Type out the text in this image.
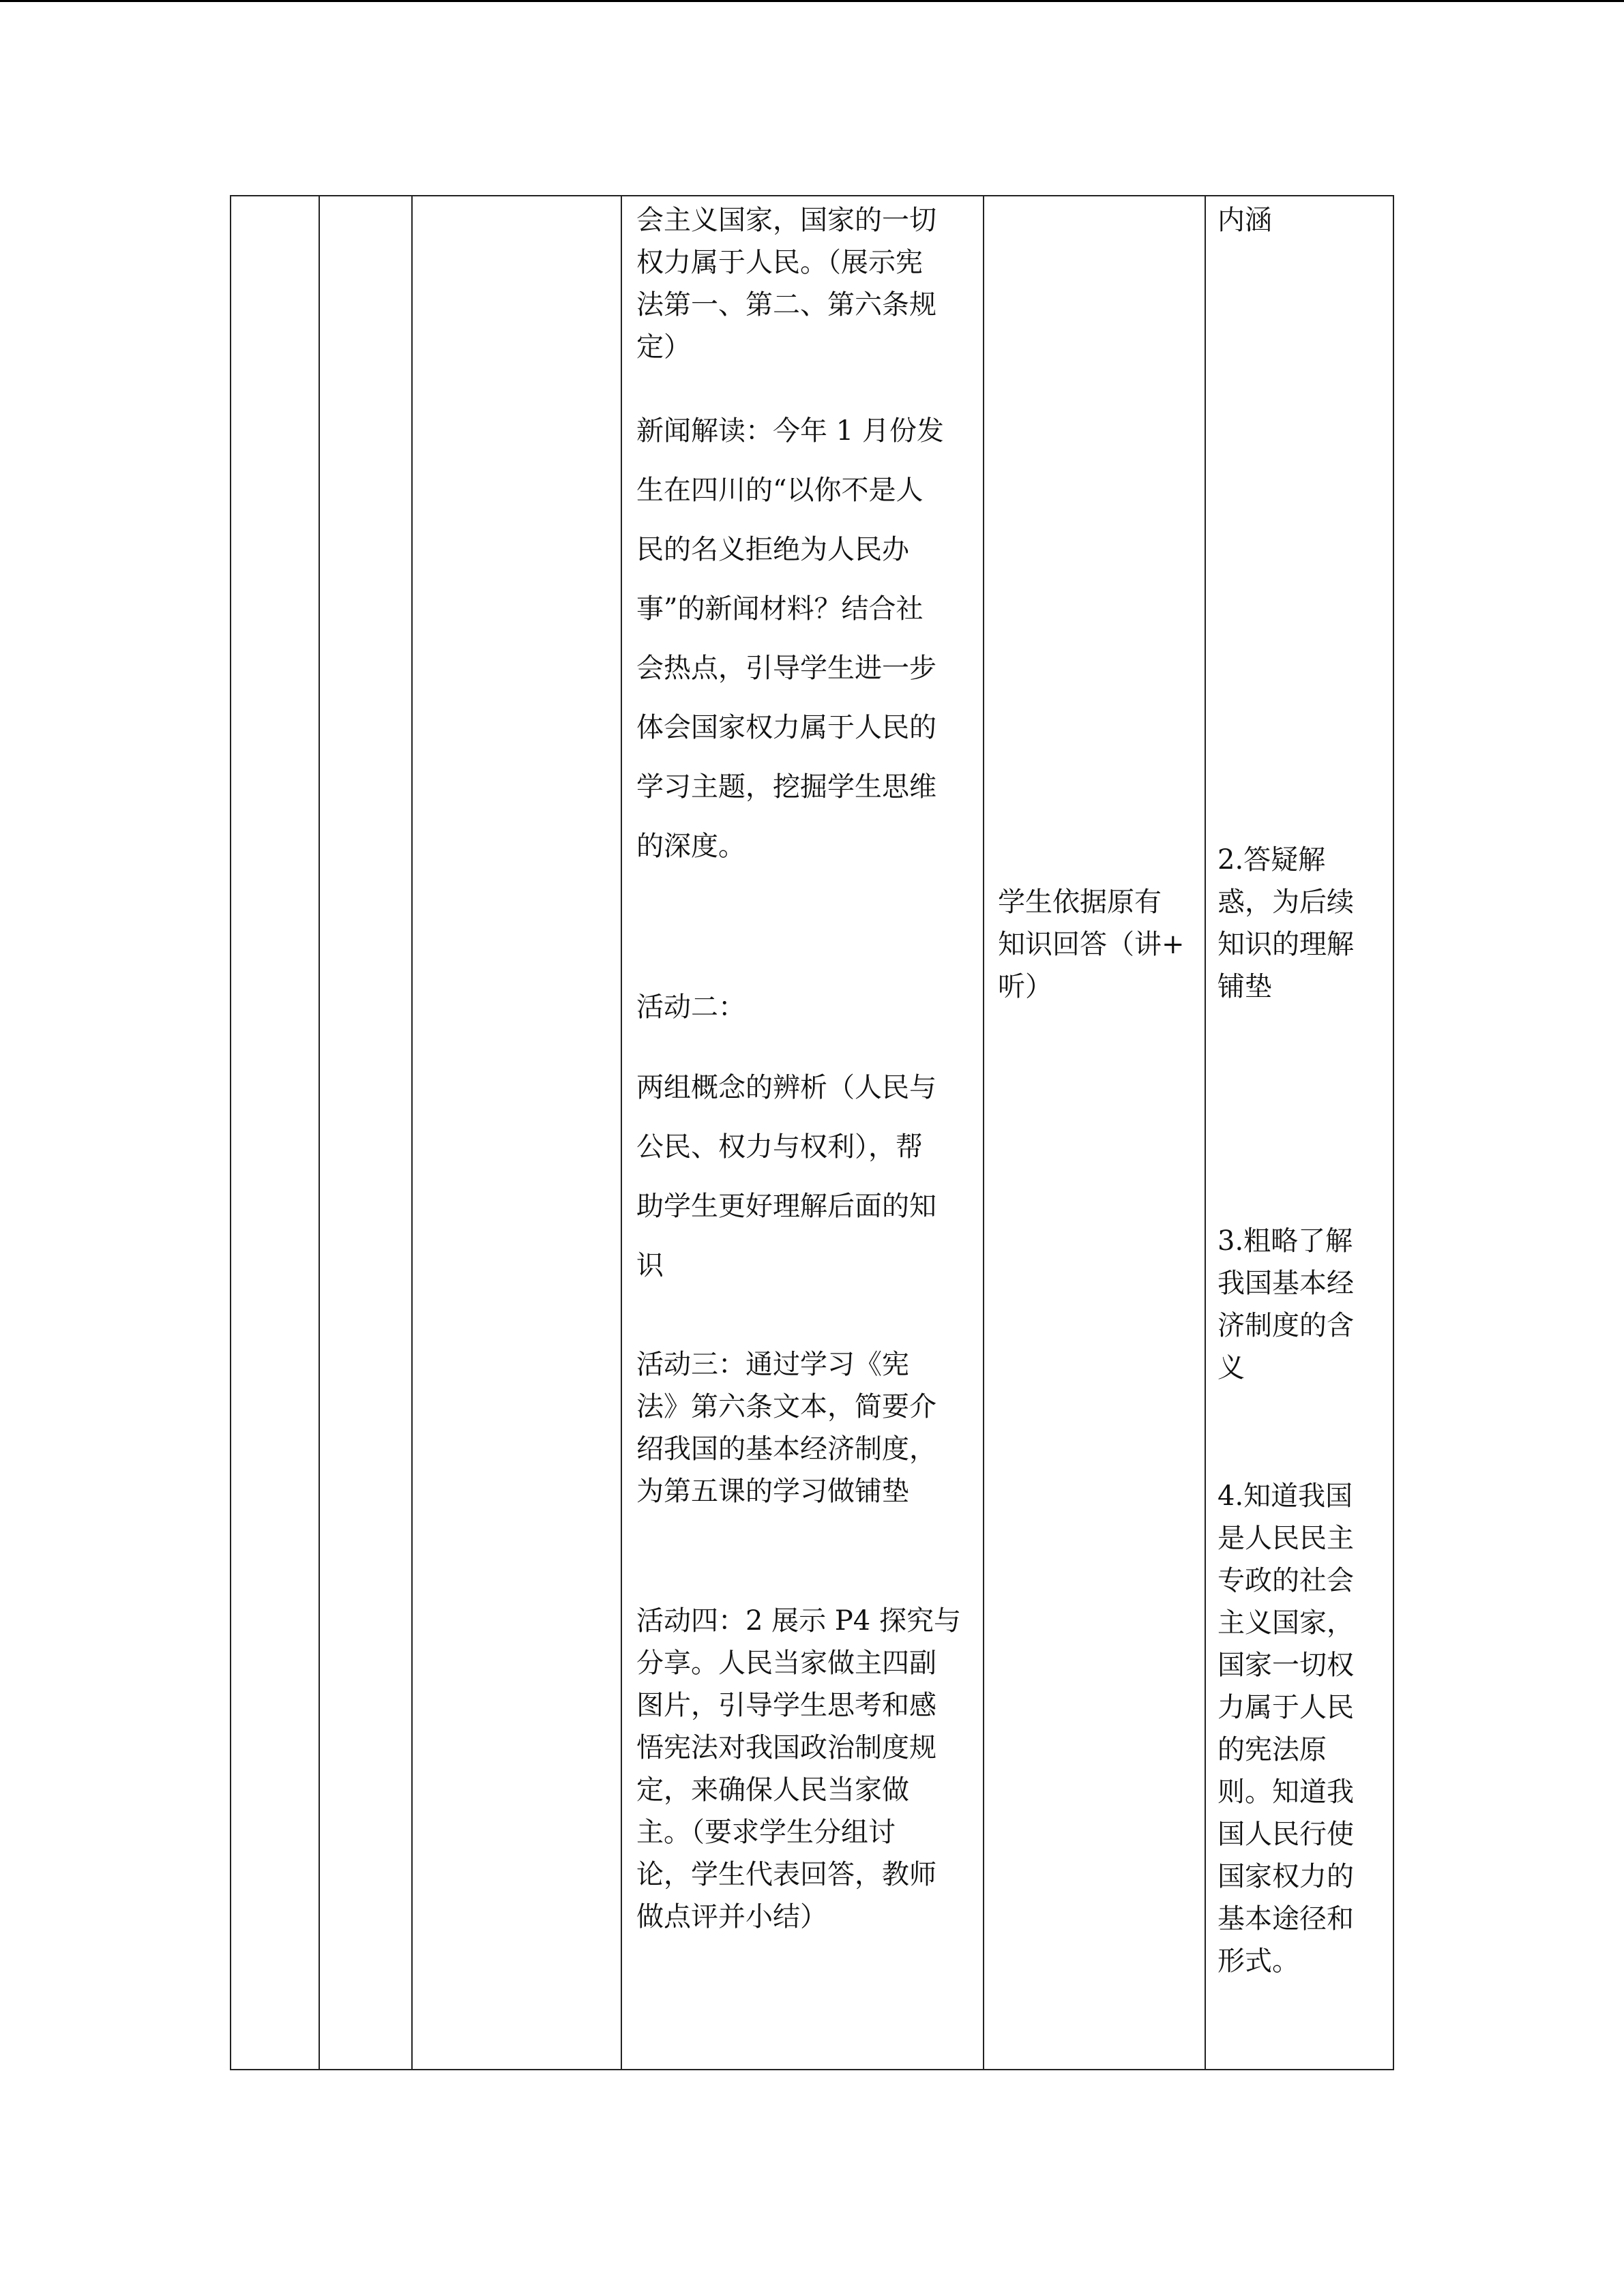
会主义国家，国家的一切
权力属于人民。（展示宪
法第一、第二、第六条规
定）
新闻解读：今年 1 月份发
生在四川的“以你不是人
民的名义拒绝为人民办
事”的新闻材料？结合社
会热点，引导学生进一步
体会国家权力属于人民的
学习主题，挖掘学生思维
的深度。
活动二：
两组概念的辨析（人民与
公民、权力与权利），帮
助学生更好理解后面的知
识
活动三：通过学习《宪
法》第六条文本，简要介
绍我国的基本经济制度，
为第五课的学习做铺垫
活动四：2 展示 P4 探究与
分享。人民当家做主四副
图片，引导学生思考和感
悟宪法对我国政治制度规
定，来确保人民当家做
主。（要求学生分组讨
论，学生代表回答，教师
做点评并小结）
学生依据原有
知识回答（讲+
听）
内涵
2.答疑解
惑，为后续
知识的理解
铺垫
3.粗略了解
我国基本经
济制度的含
义
4.知道我国
是人民民主
专政的社会
主义国家，
国家一切权
力属于人民
的宪法原
则。知道我
国人民行使
国家权力的
基本途径和
形式。
